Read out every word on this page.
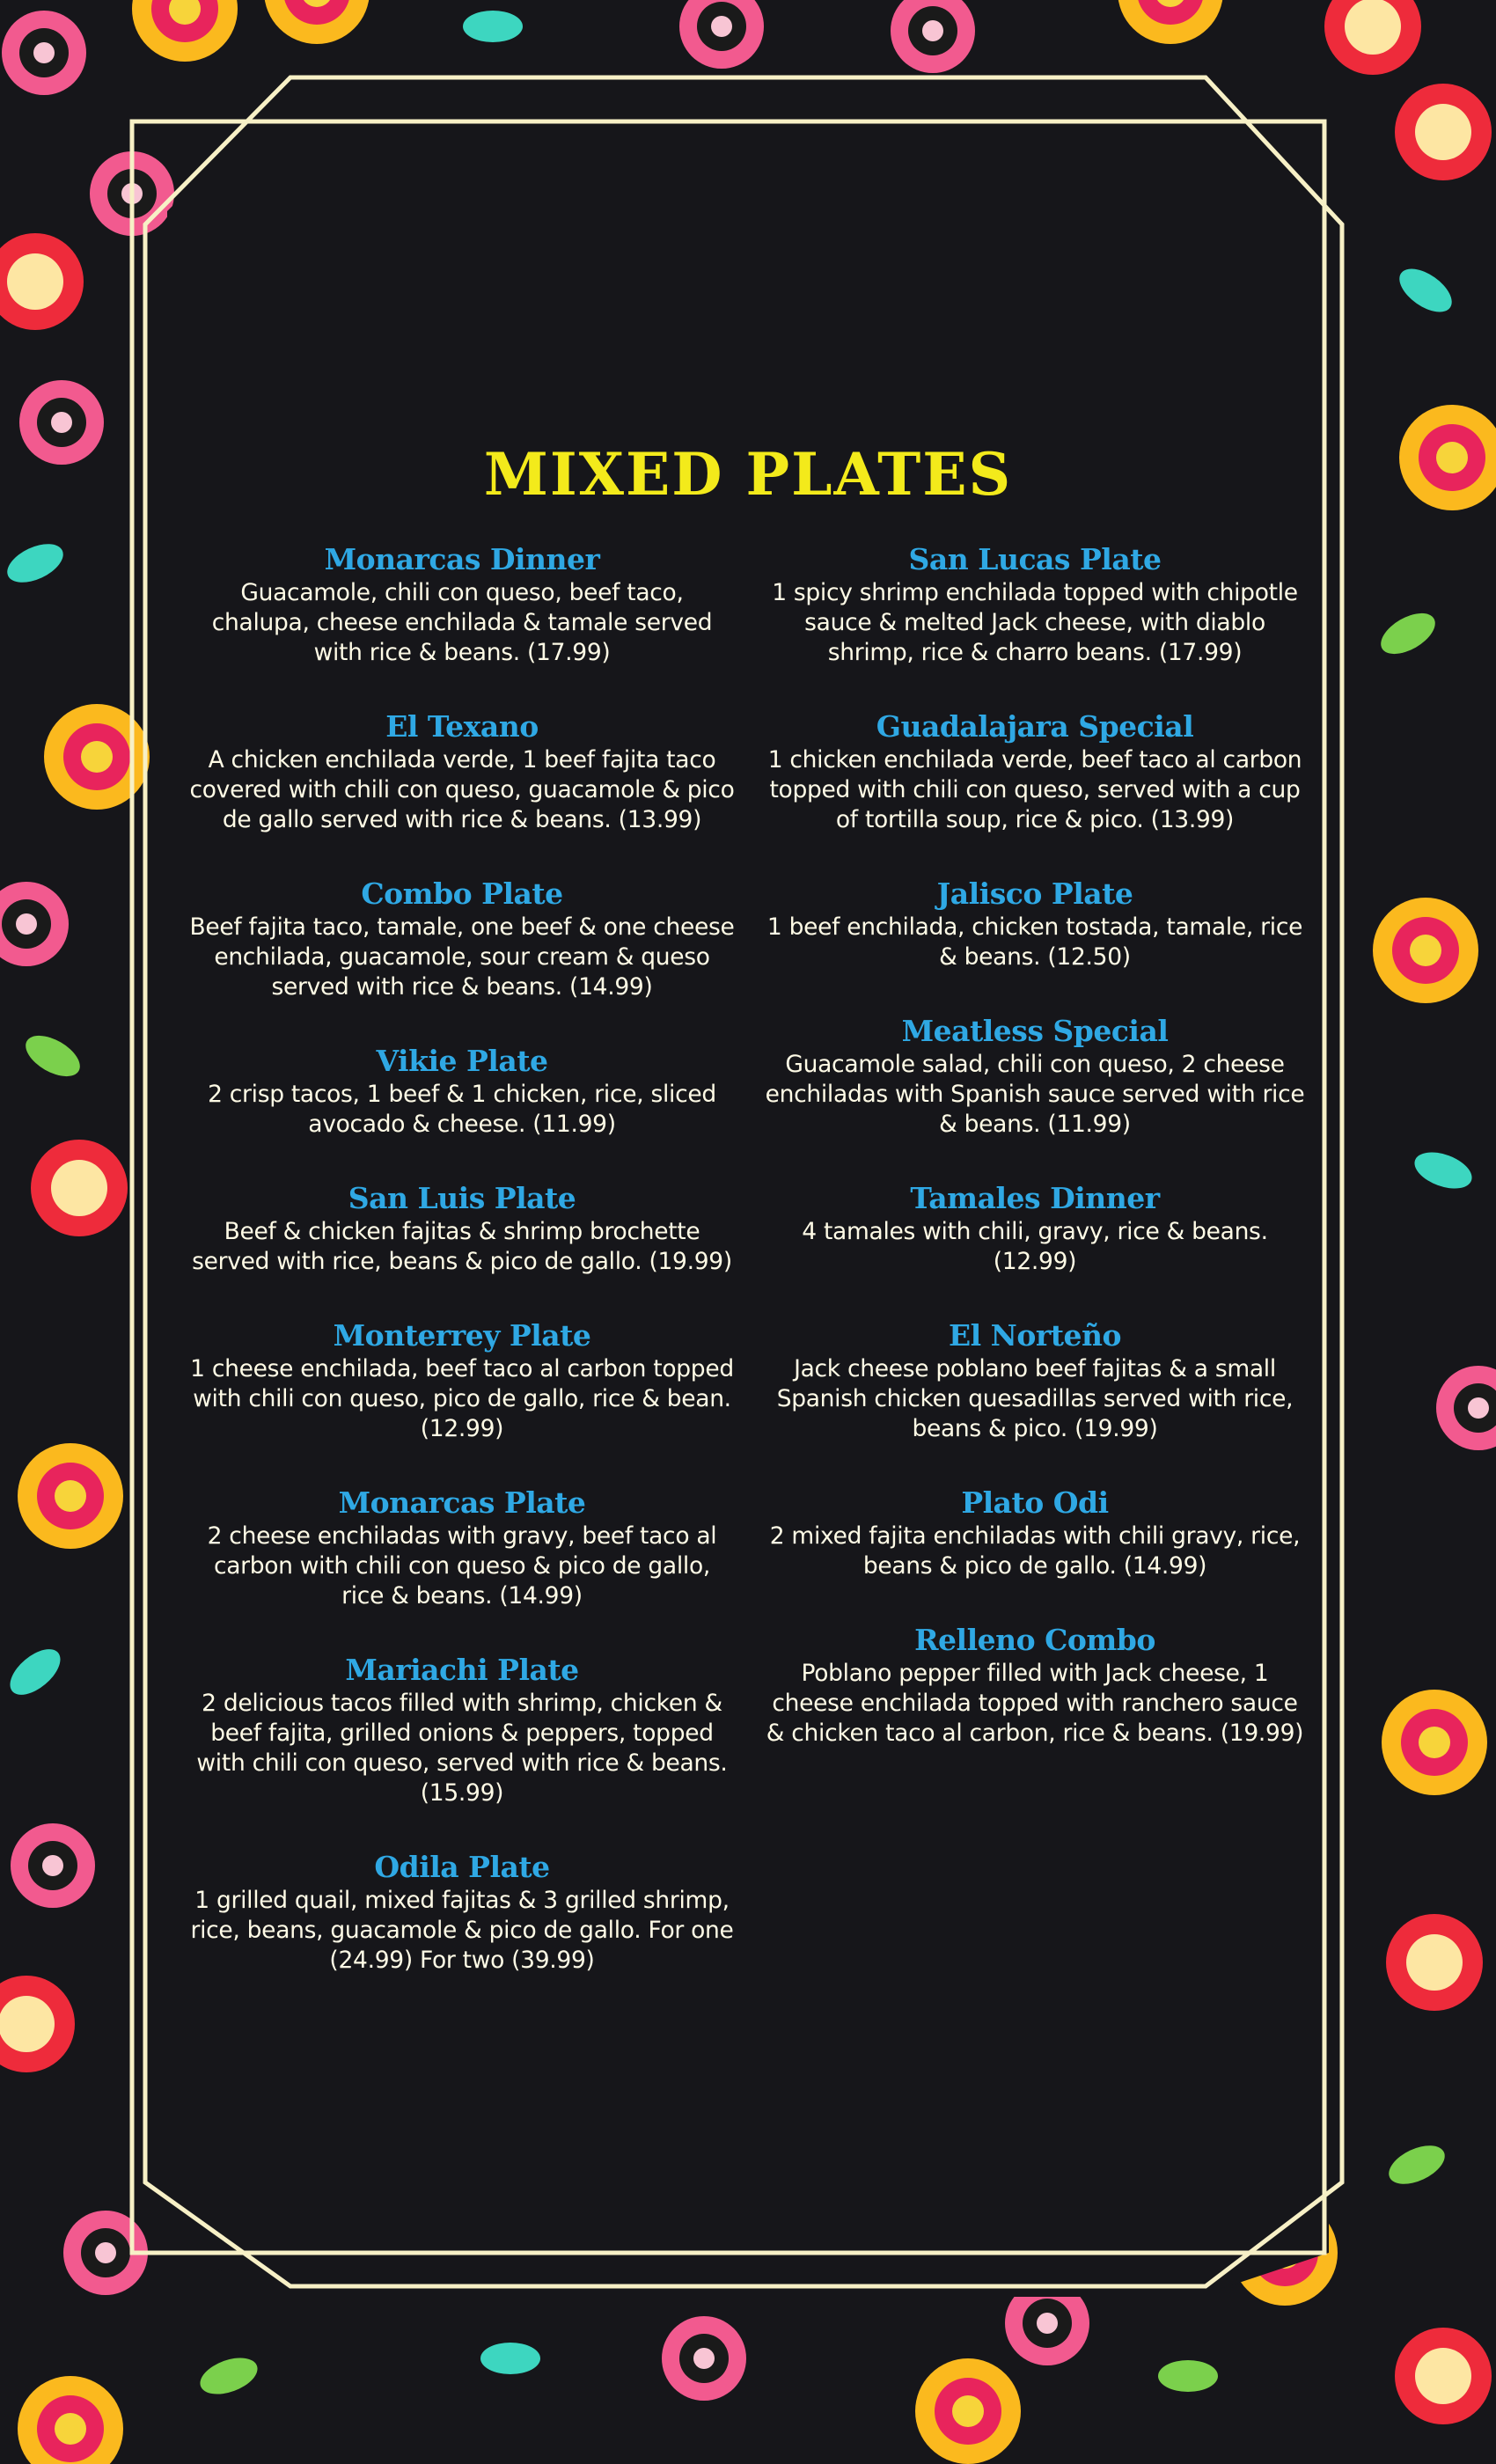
MIXED PLATES

Monarcas Dinner

Guacamole, chili con queso, beef taco, chalupa, cheese enchilada & tamale served with rice & beans. (17.99)

El Texano

A chicken enchilada verde, 1 beef fajita taco covered with chili con queso, guacamole & pico de gallo served with rice & beans. (13.99)

Combo Plate

Beef fajita taco, tamale, one beef & one cheese enchilada, guacamole, sour cream & queso served with rice & beans. (14.99)

Vikie Plate

2 crisp tacos, 1 beef & 1 chicken, rice, sliced avocado & cheese. (11.99)

San Luis Plate

Beef & chicken fajitas & shrimp brochette served with rice, beans & pico de gallo. (19.99)

Monterrey Plate

1 cheese enchilada, beef taco al carbon topped with chili con queso, pico de gallo, rice & bean. (12.99)

Monarcas Plate

2 cheese enchiladas with gravy, beef taco al carbon with chili con queso & pico de gallo, rice & beans. (14.99)

Mariachi Plate

2 delicious tacos filled with shrimp, chicken & beef fajita, grilled onions & peppers, topped with chili con queso, served with rice & beans. (15.99)

Odila Plate

1 grilled quail, mixed fajitas & 3 grilled shrimp, rice, beans, guacamole & pico de gallo. For one (24.99) For two (39.99)

San Lucas Plate

1 spicy shrimp enchilada topped with chipotle sauce & melted Jack cheese, with diablo shrimp, rice & charro beans. (17.99)

Guadalajara Special

1 chicken enchilada verde, beef taco al carbon topped with chili con queso, served with a cup of tortilla soup, rice & pico. (13.99)

Jalisco Plate

1 beef enchilada, chicken tostada, tamale, rice & beans. (12.50)

Meatless Special

Guacamole salad, chili con queso, 2 cheese enchiladas with Spanish sauce served with rice & beans. (11.99)

Tamales Dinner

4 tamales with chili, gravy, rice & beans. (12.99)

El Norteño

Jack cheese poblano beef fajitas & a small Spanish chicken quesadillas served with rice, beans & pico. (19.99)

Plato Odi

2 mixed fajita enchiladas with chili gravy, rice, beans & pico de gallo. (14.99)

Relleno Combo

Poblano pepper filled with Jack cheese, 1 cheese enchilada topped with ranchero sauce & chicken taco al carbon, rice & beans. (19.99)
